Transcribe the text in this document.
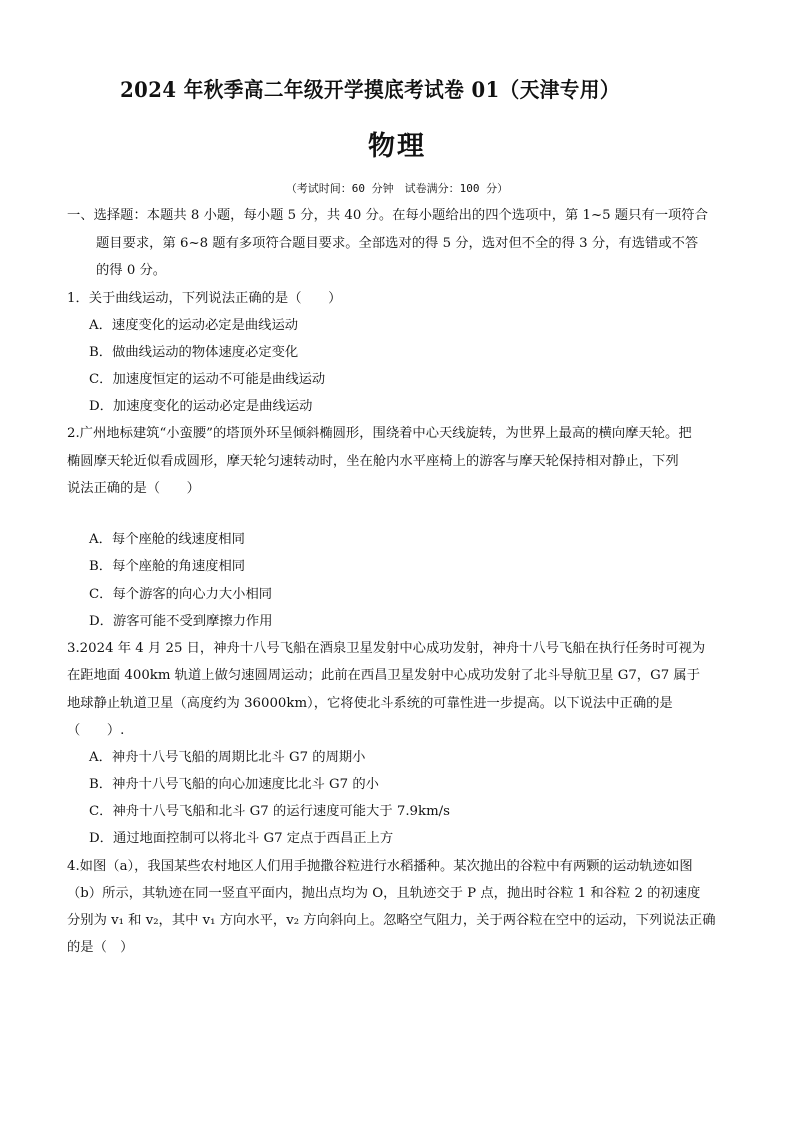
2024 年秋季高二年级开学摸底考试卷 01（天津专用）
物理
（考试时间：60 分钟　试卷满分：100 分）
一、选择题：本题共 8 小题，每小题 5 分，共 40 分。在每小题给出的四个选项中，第 1~5 题只有一项符合
题目要求，第 6~8 题有多项符合题目要求。全部选对的得 5 分，选对但不全的得 3 分，有选错或不答
的得 0 分。
1．关于曲线运动，下列说法正确的是（　　）
A．速度变化的运动必定是曲线运动
B．做曲线运动的物体速度必定变化
C．加速度恒定的运动不可能是曲线运动
D．加速度变化的运动必定是曲线运动
2.广州地标建筑“小蛮腰”的塔顶外环呈倾斜椭圆形，围绕着中心天线旋转，为世界上最高的横向摩天轮。把
椭圆摩天轮近似看成圆形，摩天轮匀速转动时，坐在舱内水平座椅上的游客与摩天轮保持相对静止，下列
说法正确的是（　　）
A．每个座舱的线速度相同
B．每个座舱的角速度相同
C．每个游客的向心力大小相同
D．游客可能不受到摩擦力作用
3.2024 年 4 月 25 日，神舟十八号飞船在酒泉卫星发射中心成功发射，神舟十八号飞船在执行任务时可视为
在距地面 400km 轨道上做匀速圆周运动；此前在西昌卫星发射中心成功发射了北斗导航卫星 G7，G7 属于
地球静止轨道卫星（高度约为 36000km），它将使北斗系统的可靠性进一步提高。以下说法中正确的是
（　　）.
A．神舟十八号飞船的周期比北斗 G7 的周期小
B．神舟十八号飞船的向心加速度比北斗 G7 的小
C．神舟十八号飞船和北斗 G7 的运行速度可能大于 7.9km/s
D．通过地面控制可以将北斗 G7 定点于西昌正上方
4.如图（a），我国某些农村地区人们用手抛撒谷粒进行水稻播种。某次抛出的谷粒中有两颗的运动轨迹如图
（b）所示，其轨迹在同一竖直平面内，抛出点均为 O，且轨迹交于 P 点，抛出时谷粒 1 和谷粒 2 的初速度
分别为 v₁ 和 v₂，其中 v₁ 方向水平，v₂ 方向斜向上。忽略空气阻力，关于两谷粒在空中的运动，下列说法正确
的是（　）
